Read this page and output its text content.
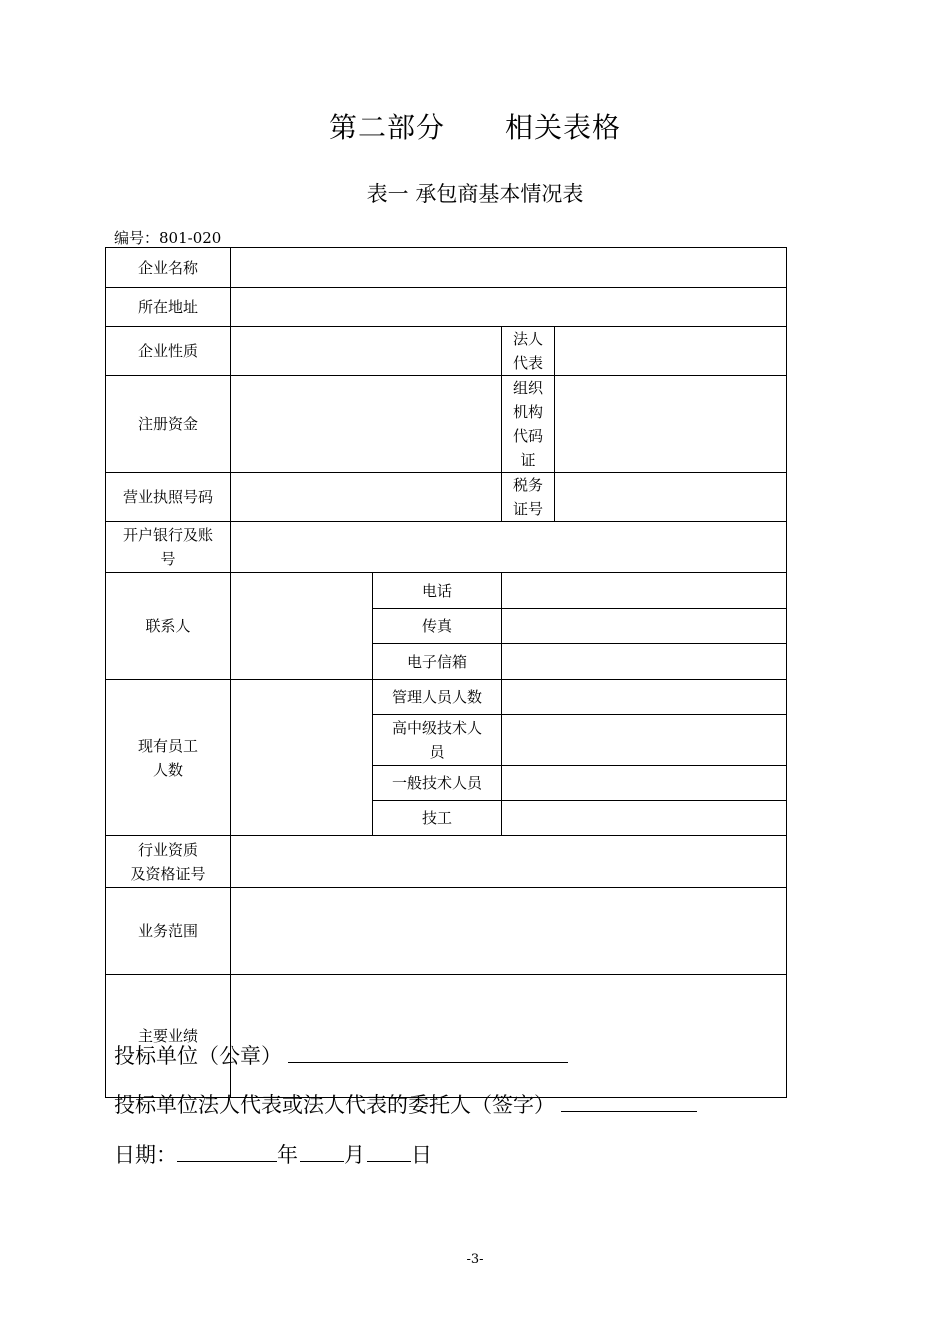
第二部分 相关表格
表一 承包商基本情况表
编号：801-020
企业名称				
所在地址				
企业性质			法人代表	
注册资金			组织机构
代码证	
营业执照号码			税务证号	
开户银行及账
号				
联系人		电话		
		传真		
		电子信箱		
现有员工
人数		管理人员人数		
		高中级技术人
员		
		一般技术人员		
		技工		
行业资质
及资格证号				
业务范围				
主要业绩				
投标单位（公章）
投标单位法人代表或法人代表的委托人（签字）
日期：	年 月 日
-3-
